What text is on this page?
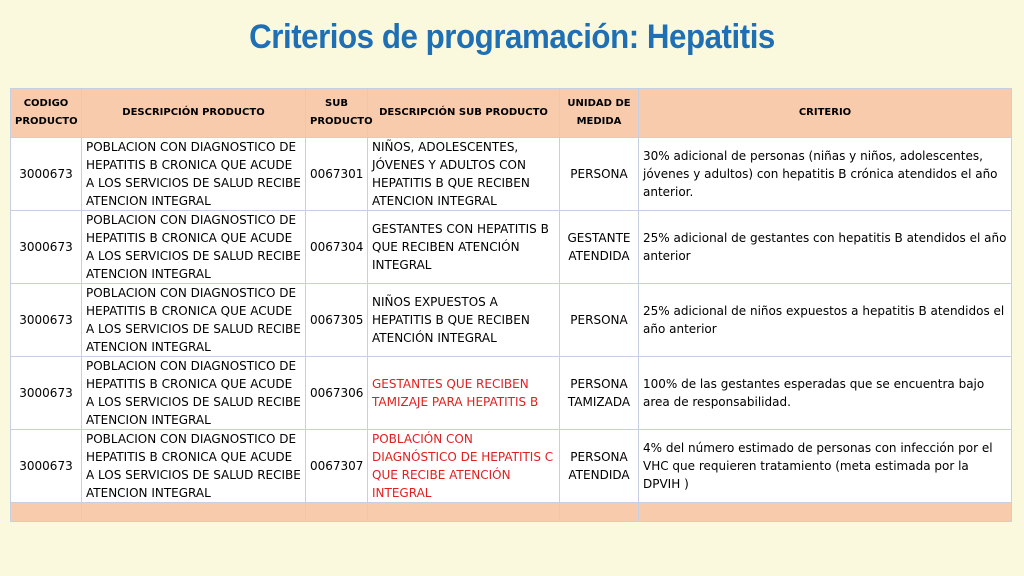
Criterios de programación: Hepatitis
CODIGO PRODUCTO	DESCRIPCIÓN PRODUCTO	SUB PRODUCTO	DESCRIPCIÓN SUB PRODUCTO	UNIDAD DE MEDIDA	CRITERIO
3000673	POBLACION CON DIAGNOSTICO DE HEPATITIS B CRONICA QUE ACUDE A LOS SERVICIOS DE SALUD RECIBE ATENCION INTEGRAL	0067301	NIÑOS, ADOLESCENTES, JÓVENES Y ADULTOS CON HEPATITIS B QUE RECIBEN ATENCION INTEGRAL	PERSONA	30% adicional de personas (niñas y niños, adolescentes, jóvenes y adultos) con hepatitis B crónica atendidos el año anterior.
3000673	POBLACION CON DIAGNOSTICO DE HEPATITIS B CRONICA QUE ACUDE A LOS SERVICIOS DE SALUD RECIBE ATENCION INTEGRAL	0067304	GESTANTES CON HEPATITIS B QUE RECIBEN ATENCIÓN INTEGRAL	GESTANTE ATENDIDA	25% adicional de gestantes con hepatitis B atendidos el año anterior
3000673	POBLACION CON DIAGNOSTICO DE HEPATITIS B CRONICA QUE ACUDE A LOS SERVICIOS DE SALUD RECIBE ATENCION INTEGRAL	0067305	NIÑOS EXPUESTOS A HEPATITIS B QUE RECIBEN ATENCIÓN INTEGRAL	PERSONA	25% adicional de niños expuestos a hepatitis B atendidos el año anterior
3000673	POBLACION CON DIAGNOSTICO DE HEPATITIS B CRONICA QUE ACUDE A LOS SERVICIOS DE SALUD RECIBE ATENCION INTEGRAL	0067306	GESTANTES QUE RECIBEN TAMIZAJE PARA HEPATITIS B	PERSONA TAMIZADA	100% de las gestantes esperadas que se encuentra bajo area de responsabilidad.
3000673	POBLACION CON DIAGNOSTICO DE HEPATITIS B CRONICA QUE ACUDE A LOS SERVICIOS DE SALUD RECIBE ATENCION INTEGRAL	0067307	POBLACIÓN CON DIAGNÓSTICO DE HEPATITIS C QUE RECIBE ATENCIÓN INTEGRAL	PERSONA ATENDIDA	4% del número estimado de personas con infección por el VHC que requieren tratamiento (meta estimada por la DPVIH )
